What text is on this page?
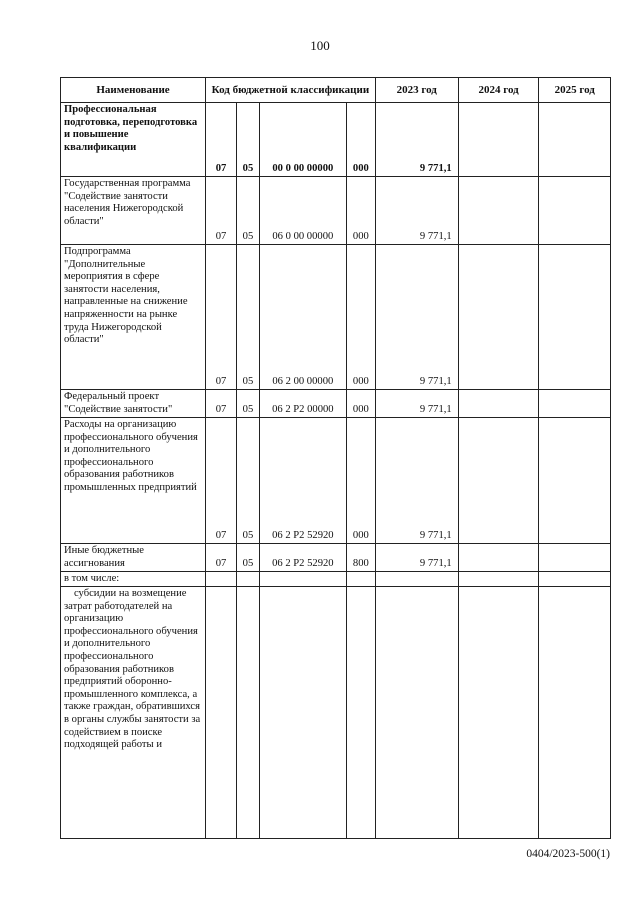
100
Наименование	Код бюджетной классификации				2023 год	2024 год	2025 год
Профессиональная подготовка, переподготовка и повышение квалификации	07	05	00 0 00 00000	000	9 771,1		
Государственная программа "Содействие занятости населения Нижегородской области"	07	05	06 0 00 00000	000	9 771,1		
Подпрограмма "Дополнительные мероприятия в сфере занятости населения, направленные на снижение напряженности на рынке труда Нижегородской области"	07	05	06 2 00 00000	000	9 771,1		
Федеральный проект "Содействие занятости"	07	05	06 2 P2 00000	000	9 771,1		
Расходы на организацию профессионального обучения и дополнительного профессионального образования работников промышленных предприятий	07	05	06 2 P2 52920	000	9 771,1		
Иные бюджетные ассигнования	07	05	06 2 P2 52920	800	9 771,1		
в том числе:							
субсидии на возмещение затрат работодателей на организацию профессионального обучения и дополнительного профессионального образования работников предприятий оборонно-промышленного комплекса, а также граждан, обратившихся в органы службы занятости за содействием в поиске подходящей работы и							
0404/2023-500(1)
